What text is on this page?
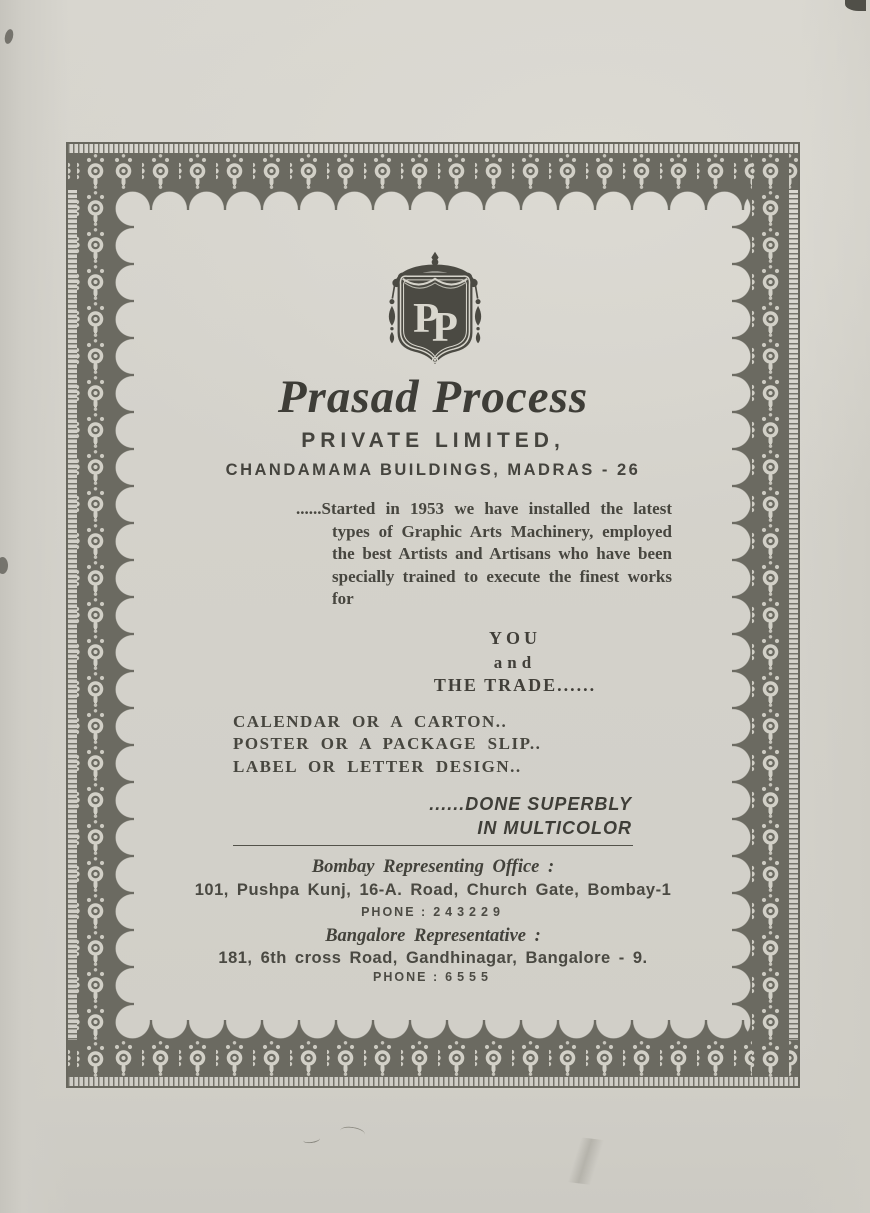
P
P
Prasad Process
PRIVATE LIMITED,
CHANDAMAMA BUILDINGS, MADRAS - 26

......Started in 1953 we have installed the latest types of Graphic Arts Machinery, employed the best Artists and Artisans who have been specially trained to execute the finest works for

YOU
and
THE TRADE......
CALENDAR OR A CARTON..
POSTER OR A PACKAGE SLIP..
LABEL OR LETTER DESIGN..
......DONE SUPERBLY
IN MULTICOLOR
Bombay Representing Office :
101, Pushpa Kunj, 16-A. Road, Church Gate, Bombay-1
PHONE : 243229
Bangalore Representative :
181, 6th cross Road, Gandhinagar, Bangalore - 9.
PHONE : 6555
